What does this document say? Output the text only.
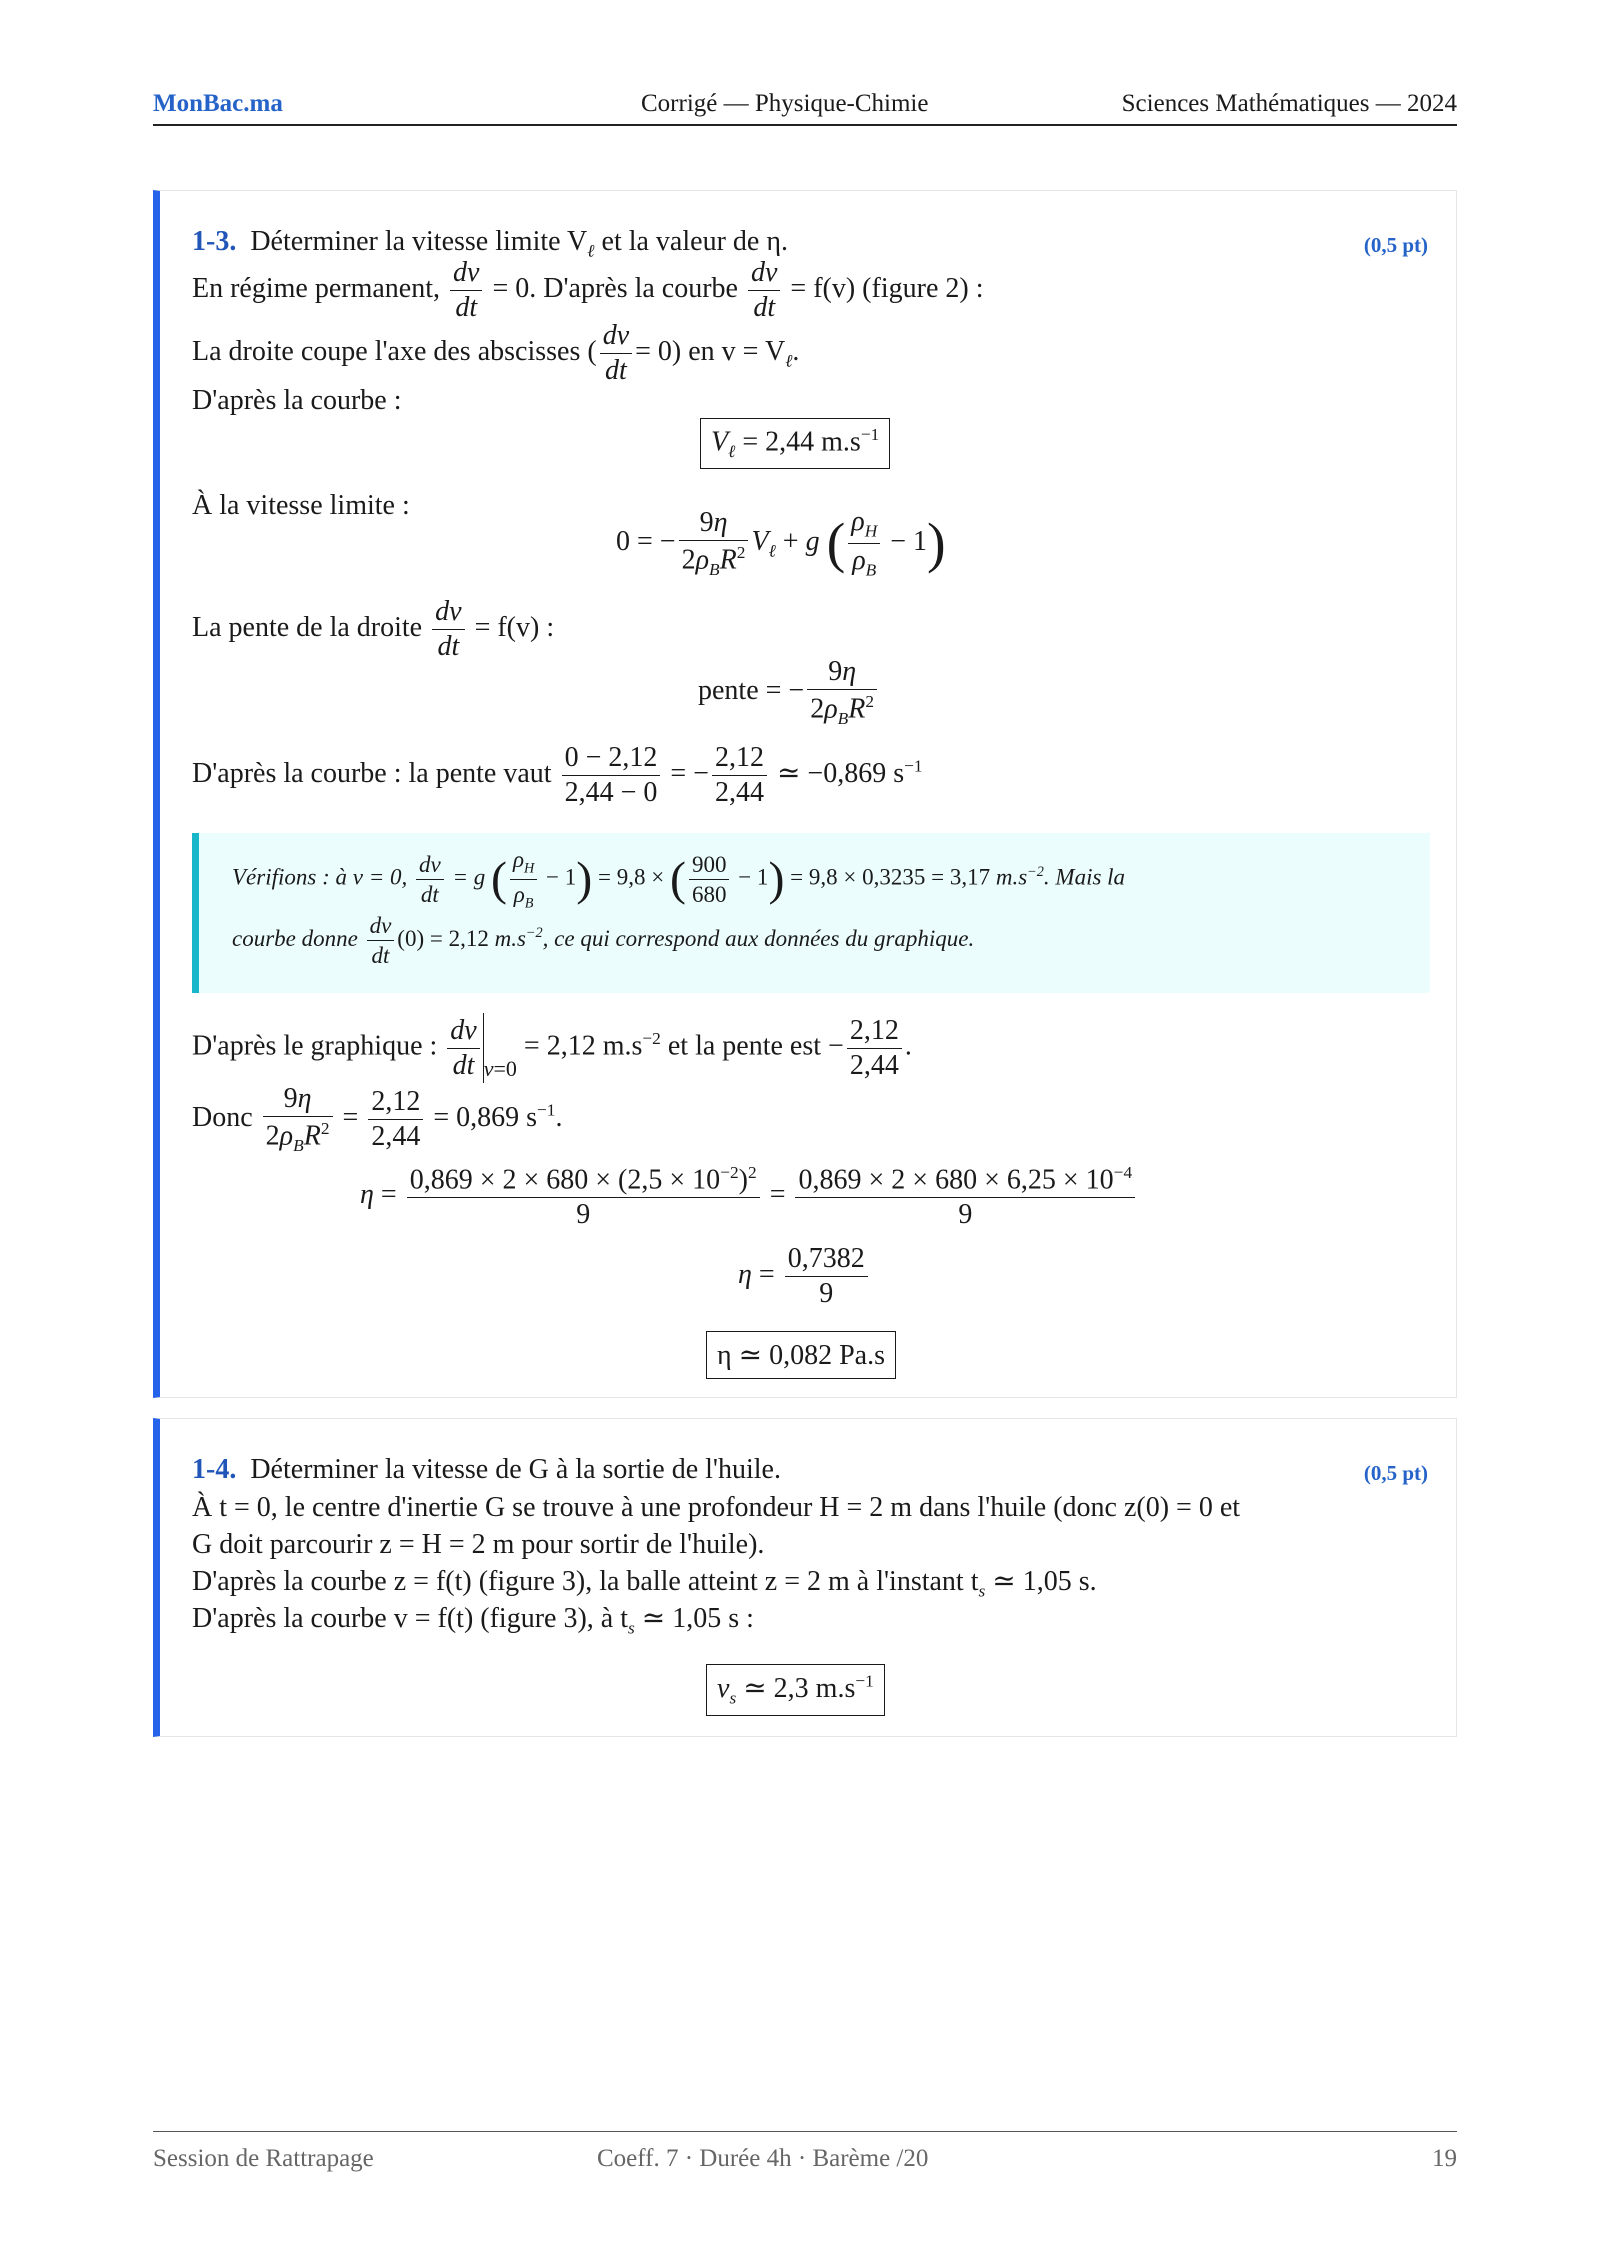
MonBac.ma	Corrigé — Physique-Chimie	Sciences Mathématiques — 2024
1-3. Déterminer la vitesse limite $V_\ell$ et la valeur de η.	(0,5 pt)
En régime permanent, $\frac{dv}{dt} = 0$. D'après la courbe $\frac{dv}{dt} = f(v)$ (figure 2) :
La droite coupe l'axe des abscisses ( $\frac{dv}{dt} = 0$) en $v = V_\ell$.
D'après la courbe :
$V_\ell = 2,44$ $m.s^{-1}$
À la vitesse limite :
0 = − $\frac{9\eta}{2\rho_BR^2} V_\ell + g$ ( $\frac{\rho_H}{\rho_B} - 1$)
La pente de la droite $\frac{dv}{dt} = f(v)$ :
pente = − $\frac{9\eta}{2\rho_BR^2}$
D'après la courbe : la pente vaut $\frac{0 - 2,12}{2,44 - 0}$ = − $\frac{2,12}{2,44}$ ≃ −0,869 $s^{-1}$
Vérifions : à v = 0, $\frac{dv}{dt} = g$ ( $\frac{\rho_H}{\rho_B} - 1) = 9,8$ × ( $\frac{900}{680} - 1) = 9,8 \times 0,3235 = 3,17$ $m.s^{-2}$. Mais la
courbe donne $\frac{dv}{dt} (0) = 2,12$ $m.s^{-2}$, ce qui correspond aux données du graphique.
D'après le graphique : $\frac{dv}{dt} _{v=0} = 2,12$ $m.s^{-2}$ et la pente est − $\frac{2,12}{2,44}$ .
Donc $\frac{9\eta}{2\rho_BR^2} = \frac{2,12}{2,44} = 0,869$ $s^{-1}$.
$\eta = \frac{0,869 \times 2 \times 680 \times (2,5 \times 10^{-2})^2}{9} = \frac{0,869 \times 2 \times 680 \times 6,25 \times 10^{-4}}{9}$
$\eta = \frac{0,7382}{9}$
η ≃ 0,082 Pa.s
1-4. Déterminer la vitesse de G à la sortie de l'huile.	(0,5 pt)
À t = 0, le centre d'inertie G se trouve à une profondeur H = 2 m dans l'huile (donc z(0) = 0 et
G doit parcourir z = H = 2 m pour sortir de l'huile).
D'après la courbe z = f(t) (figure 3), la balle atteint z = 2 m à l'instant $t_s$ ≃ 1,05 s.
D'après la courbe v = f(t) (figure 3), à $t_s$ ≃ 1,05 s :
$v_s$ ≃ 2,3 $m.s^{-1}$
Session de Rattrapage	Coeff. 7 · Durée 4h · Barème /20	19
